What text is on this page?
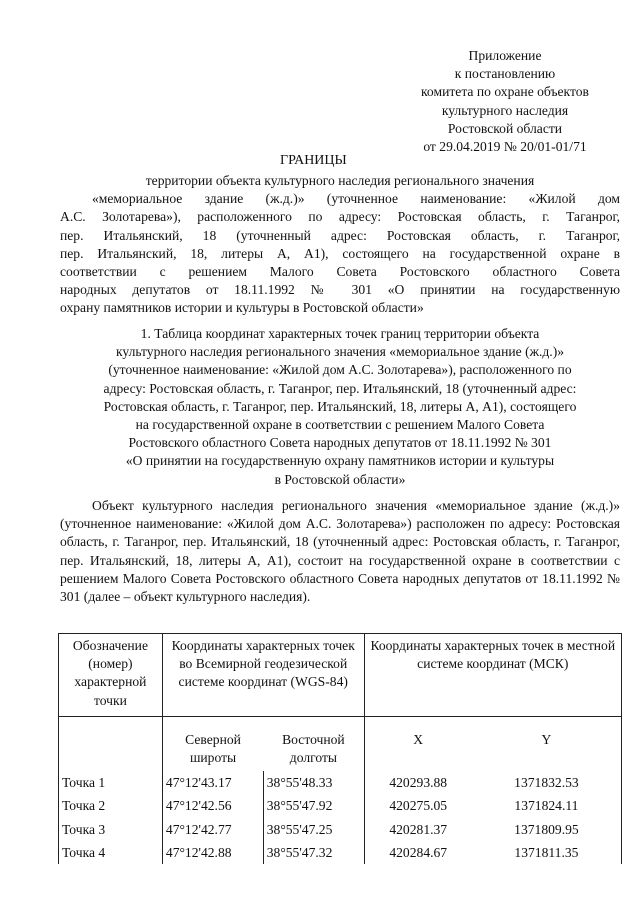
Приложение
к постановлению
комитета по охране объектов
культурного наследия
Ростовской области
от 29.04.2019 № 20/01-01/71
ГРАНИЦЫ
территории объекта культурного наследия регионального значения
«мемориальное здание (ж.д.)» (уточненное наименование: «Жилой дом
А.С. Золотарева»), расположенного по адресу: Ростовская область, г. Таганрог,
пер. Итальянский, 18 (уточненный адрес: Ростовская область, г. Таганрог,
пер. Итальянский, 18, литеры А, А1), состоящего на государственной охране в
соответствии с решением Малого Совета Ростовского областного Совета
народных депутатов от 18.11.1992 № 301 «О принятии на государственную
охрану памятников истории и культуры в Ростовской области»
1. Таблица координат характерных точек границ территории объекта
культурного наследия регионального значения «мемориальное здание (ж.д.)»
(уточненное наименование: «Жилой дом А.С. Золотарева»), расположенного по
адресу: Ростовская область, г. Таганрог, пер. Итальянский, 18 (уточненный адрес:
Ростовская область, г. Таганрог, пер. Итальянский, 18, литеры А, А1), состоящего
на государственной охране в соответствии с решением Малого Совета
Ростовского областного Совета народных депутатов от 18.11.1992 № 301
«О принятии на государственную охрану памятников истории и культуры
в Ростовской области»
Объект культурного наследия регионального значения «мемориальное здание (ж.д.)» (уточненное наименование: «Жилой дом А.С. Золотарева») расположен по адресу: Ростовская область, г. Таганрог, пер. Итальянский, 18 (уточненный адрес: Ростовская область, г. Таганрог, пер. Итальянский, 18, литеры А, А1), состоит на государственной охране в соответствии с решением Малого Совета Ростовского областного Совета народных депутатов от 18.11.1992 № 301 (далее – объект культурного наследия).
Обозначение (номер) характерной точки	Координаты характерных точек во Всемирной геодезической системе координат (WGS-84)		Координаты характерных точек в местной системе координат (МСК)	
	Северной широты	Восточной долготы	X	Y
Точка 1	47°12'43.17	38°55'48.33	420293.88	1371832.53
Точка 2	47°12'42.56	38°55'47.92	420275.05	1371824.11
Точка 3	47°12'42.77	38°55'47.25	420281.37	1371809.95
Точка 4	47°12'42.88	38°55'47.32	420284.67	1371811.35
